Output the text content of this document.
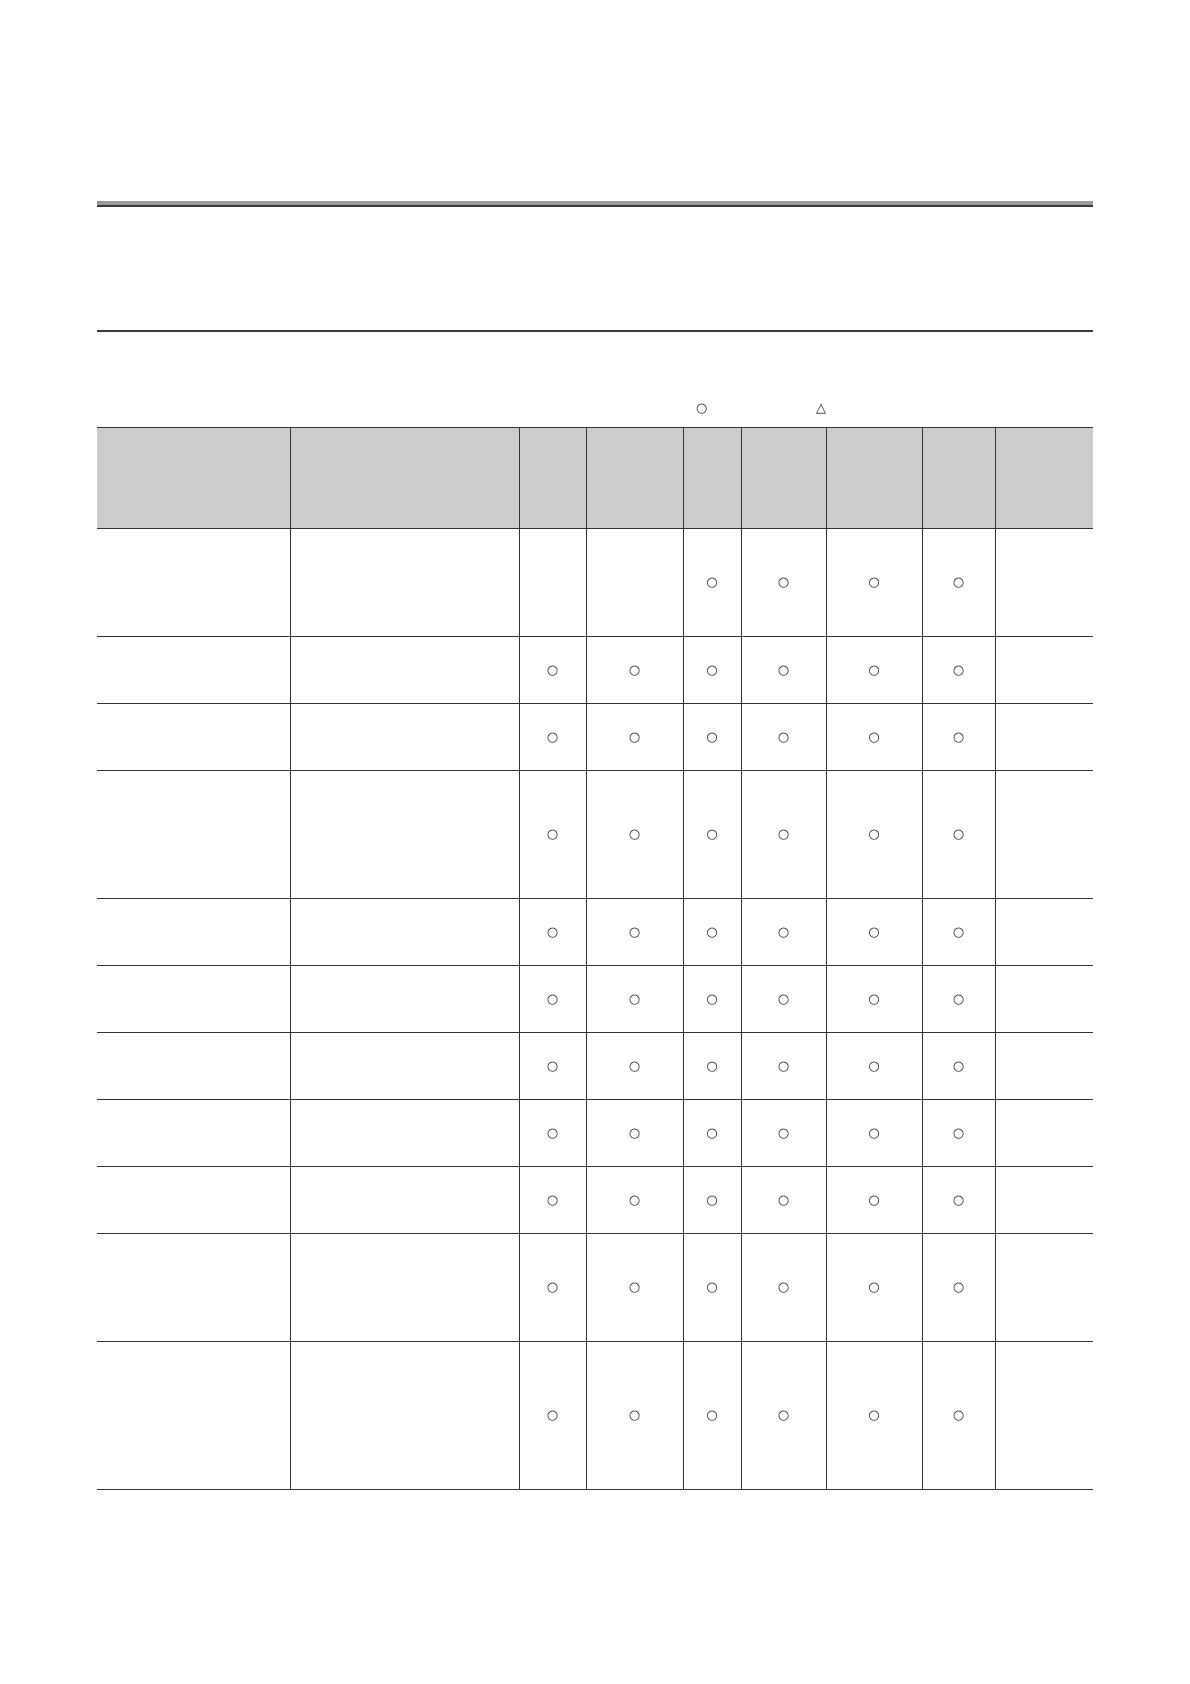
○	△

				○	○	○	○	
		○	○	○	○	○	○	
		○	○	○	○	○	○	
		○	○	○	○	○	○	
		○	○	○	○	○	○	
		○	○	○	○	○	○	
		○	○	○	○	○	○	
		○	○	○	○	○	○	
		○	○	○	○	○	○	
		○	○	○	○	○	○	
		○	○	○	○	○	○	
